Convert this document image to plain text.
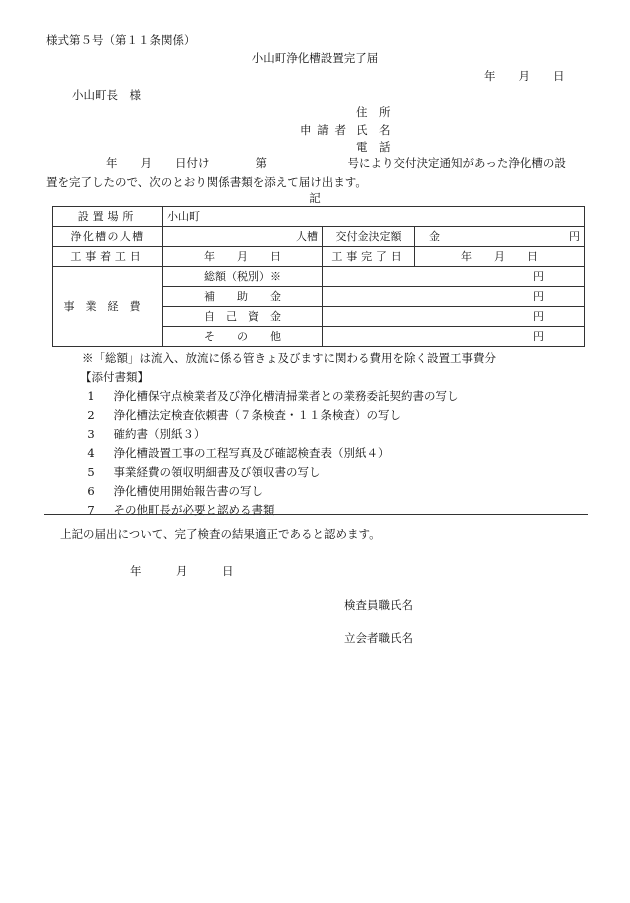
様式第５号（第１１条関係）
小山町浄化槽設置完了届
年　　月　　日
小山町長　様
住　所
申請者 氏　名
電　話
年　　月　　日付け　　　　第　　　　　　　号により交付決定通知があった浄化槽の設
置を完了したので、次のとおり関係書類を添えて届け出ます。
記
設置場所	小山町			
浄化槽の人槽	人槽	交付金決定額	金	円
工事着工日	年　　月　　日	工事完了日	年　　月　　日	
事業経費	総額（税別）※	円		
	補　　助　　金	円		
	自　己　資　金	円		
	そ　　の　　他	円		
※「総額」は流入、放流に係る管きょ及びますに関わる費用を除く設置工事費分
【添付書類】
1　 浄化槽保守点検業者及び浄化槽清掃業者との業務委託契約書の写し
2　 浄化槽法定検査依頼書（７条検査・１１条検査）の写し
3　 確約書（別紙３）
4　 浄化槽設置工事の工程写真及び確認検査表（別紙４）
5　 事業経費の領収明細書及び領収書の写し
6　 浄化槽使用開始報告書の写し
7　 その他町長が必要と認める書類
上記の届出について、完了検査の結果適正であると認めます。
年　　　月　　　日
検査員職氏名
立会者職氏名
